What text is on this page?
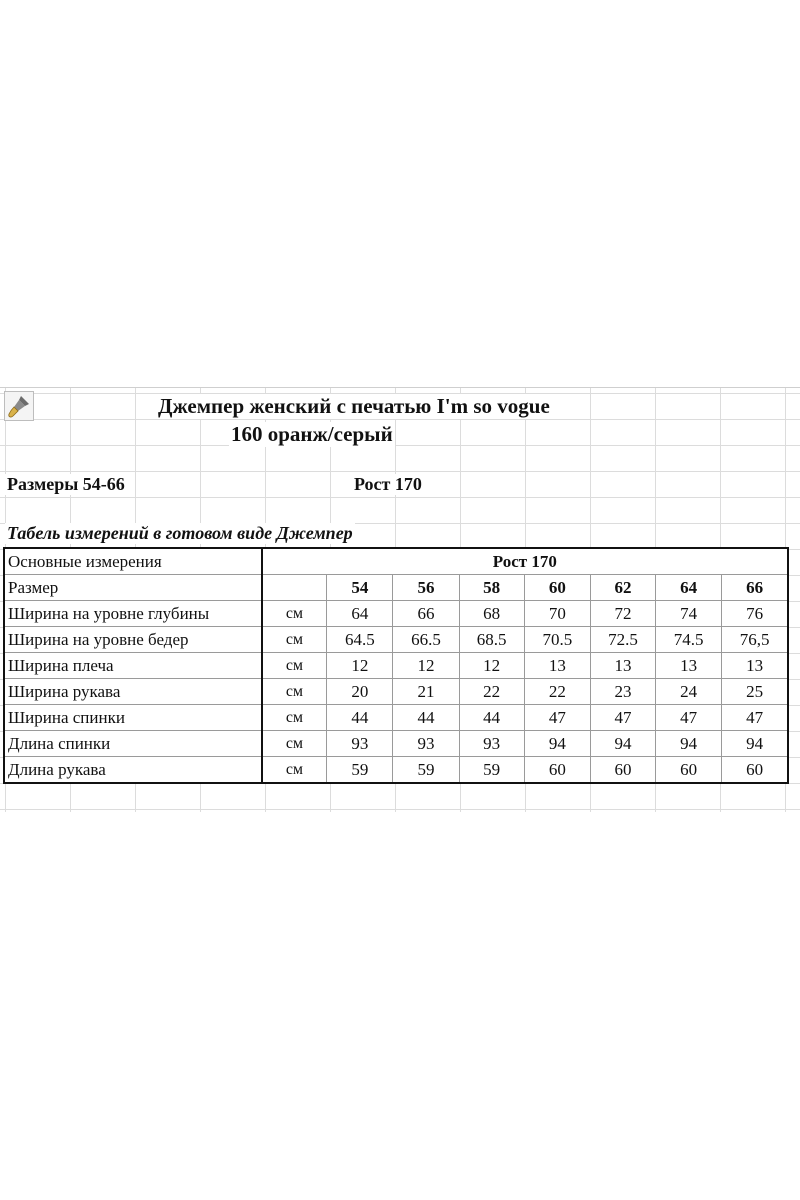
Джемпер женский с печатью I'm so vogue
160 оранж/серый
Размеры 54-66	Рост 170
Табель измерений в готовом виде Джемпер
Основные измерения	Рост 170							
Размер		54	56	58	60	62	64	66
Ширина на уровне глубины	см	64	66	68	70	72	74	76
Ширина на уровне бедер	см	64.5	66.5	68.5	70.5	72.5	74.5	76,5
Ширина плеча	см	12	12	12	13	13	13	13
Ширина рукава	см	20	21	22	22	23	24	25
Ширина спинки	см	44	44	44	47	47	47	47
Длина спинки	см	93	93	93	94	94	94	94
Длина рукава	см	59	59	59	60	60	60	60
